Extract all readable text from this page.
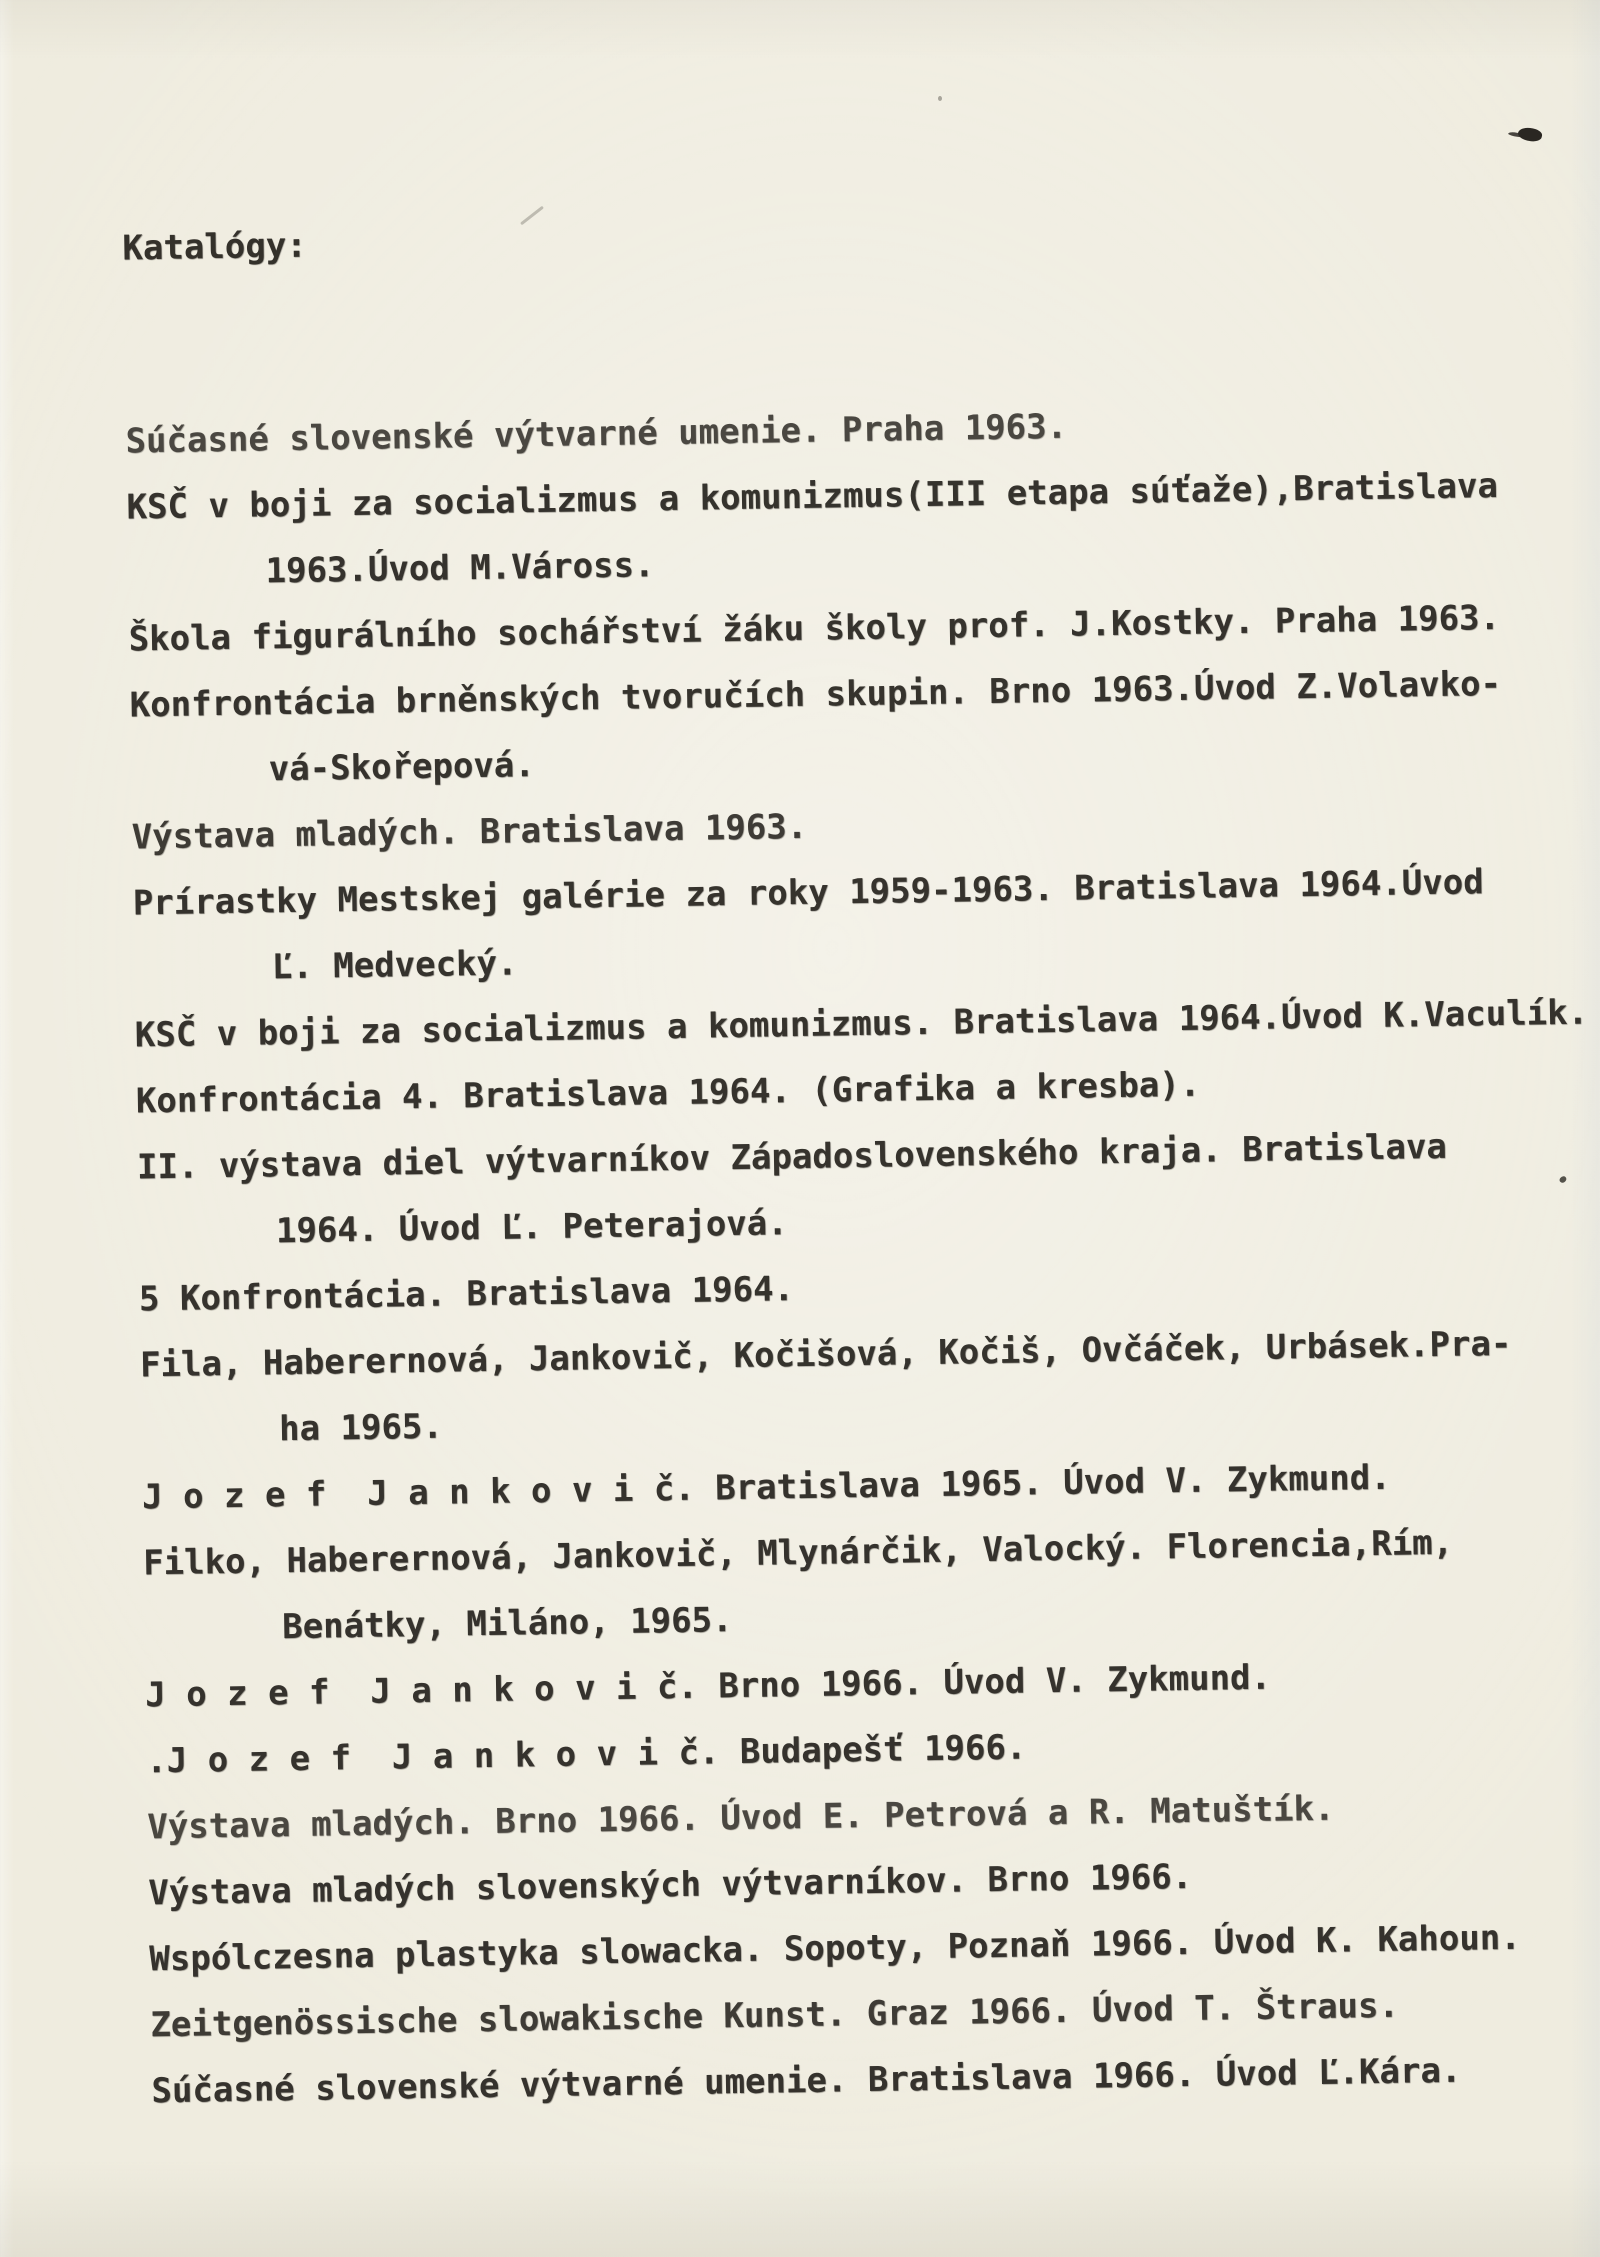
Katalógy:
Súčasné slovenské výtvarné umenie. Praha 1963.
KSČ v boji za socializmus a komunizmus(III etapa súťaže),Bratislava
1963.Úvod M.Váross.
Škola figurálního sochářství žáku školy prof. J.Kostky. Praha 1963.
Konfrontácia brněnských tvoručích skupin. Brno 1963.Úvod Z.Volavko-
vá-Skořepová.
Výstava mladých. Bratislava 1963.
Prírastky Mestskej galérie za roky 1959-1963. Bratislava 1964.Úvod
Ľ. Medvecký.
KSČ v boji za socializmus a komunizmus. Bratislava 1964.Úvod K.Vaculík.
Konfrontácia 4. Bratislava 1964. (Grafika a kresba).
II. výstava diel výtvarníkov Západoslovenského kraja. Bratislava
1964. Úvod Ľ. Peterajová.
5 Konfrontácia. Bratislava 1964.
Fila, Haberernová, Jankovič, Kočišová, Kočiš, Ovčáček, Urbásek.Pra-
ha 1965.
J o z e f  J a n k o v i č. Bratislava 1965. Úvod V. Zykmund.
Filko, Haberernová, Jankovič, Mlynárčik, Valocký. Florencia,Rím,
Benátky, Miláno, 1965.
J o z e f  J a n k o v i č. Brno 1966. Úvod V. Zykmund.
.J o z e f  J a n k o v i č. Budapešť 1966.
Výstava mladých. Brno 1966. Úvod E. Petrová a R. Matuštík.
Výstava mladých slovenských výtvarníkov. Brno 1966.
Wspólczesna plastyka slowacka. Sopoty, Poznaň 1966. Úvod K. Kahoun.
Zeitgenössische slowakische Kunst. Graz 1966. Úvod T. Štraus.
Súčasné slovenské výtvarné umenie. Bratislava 1966. Úvod Ľ.Kára.
